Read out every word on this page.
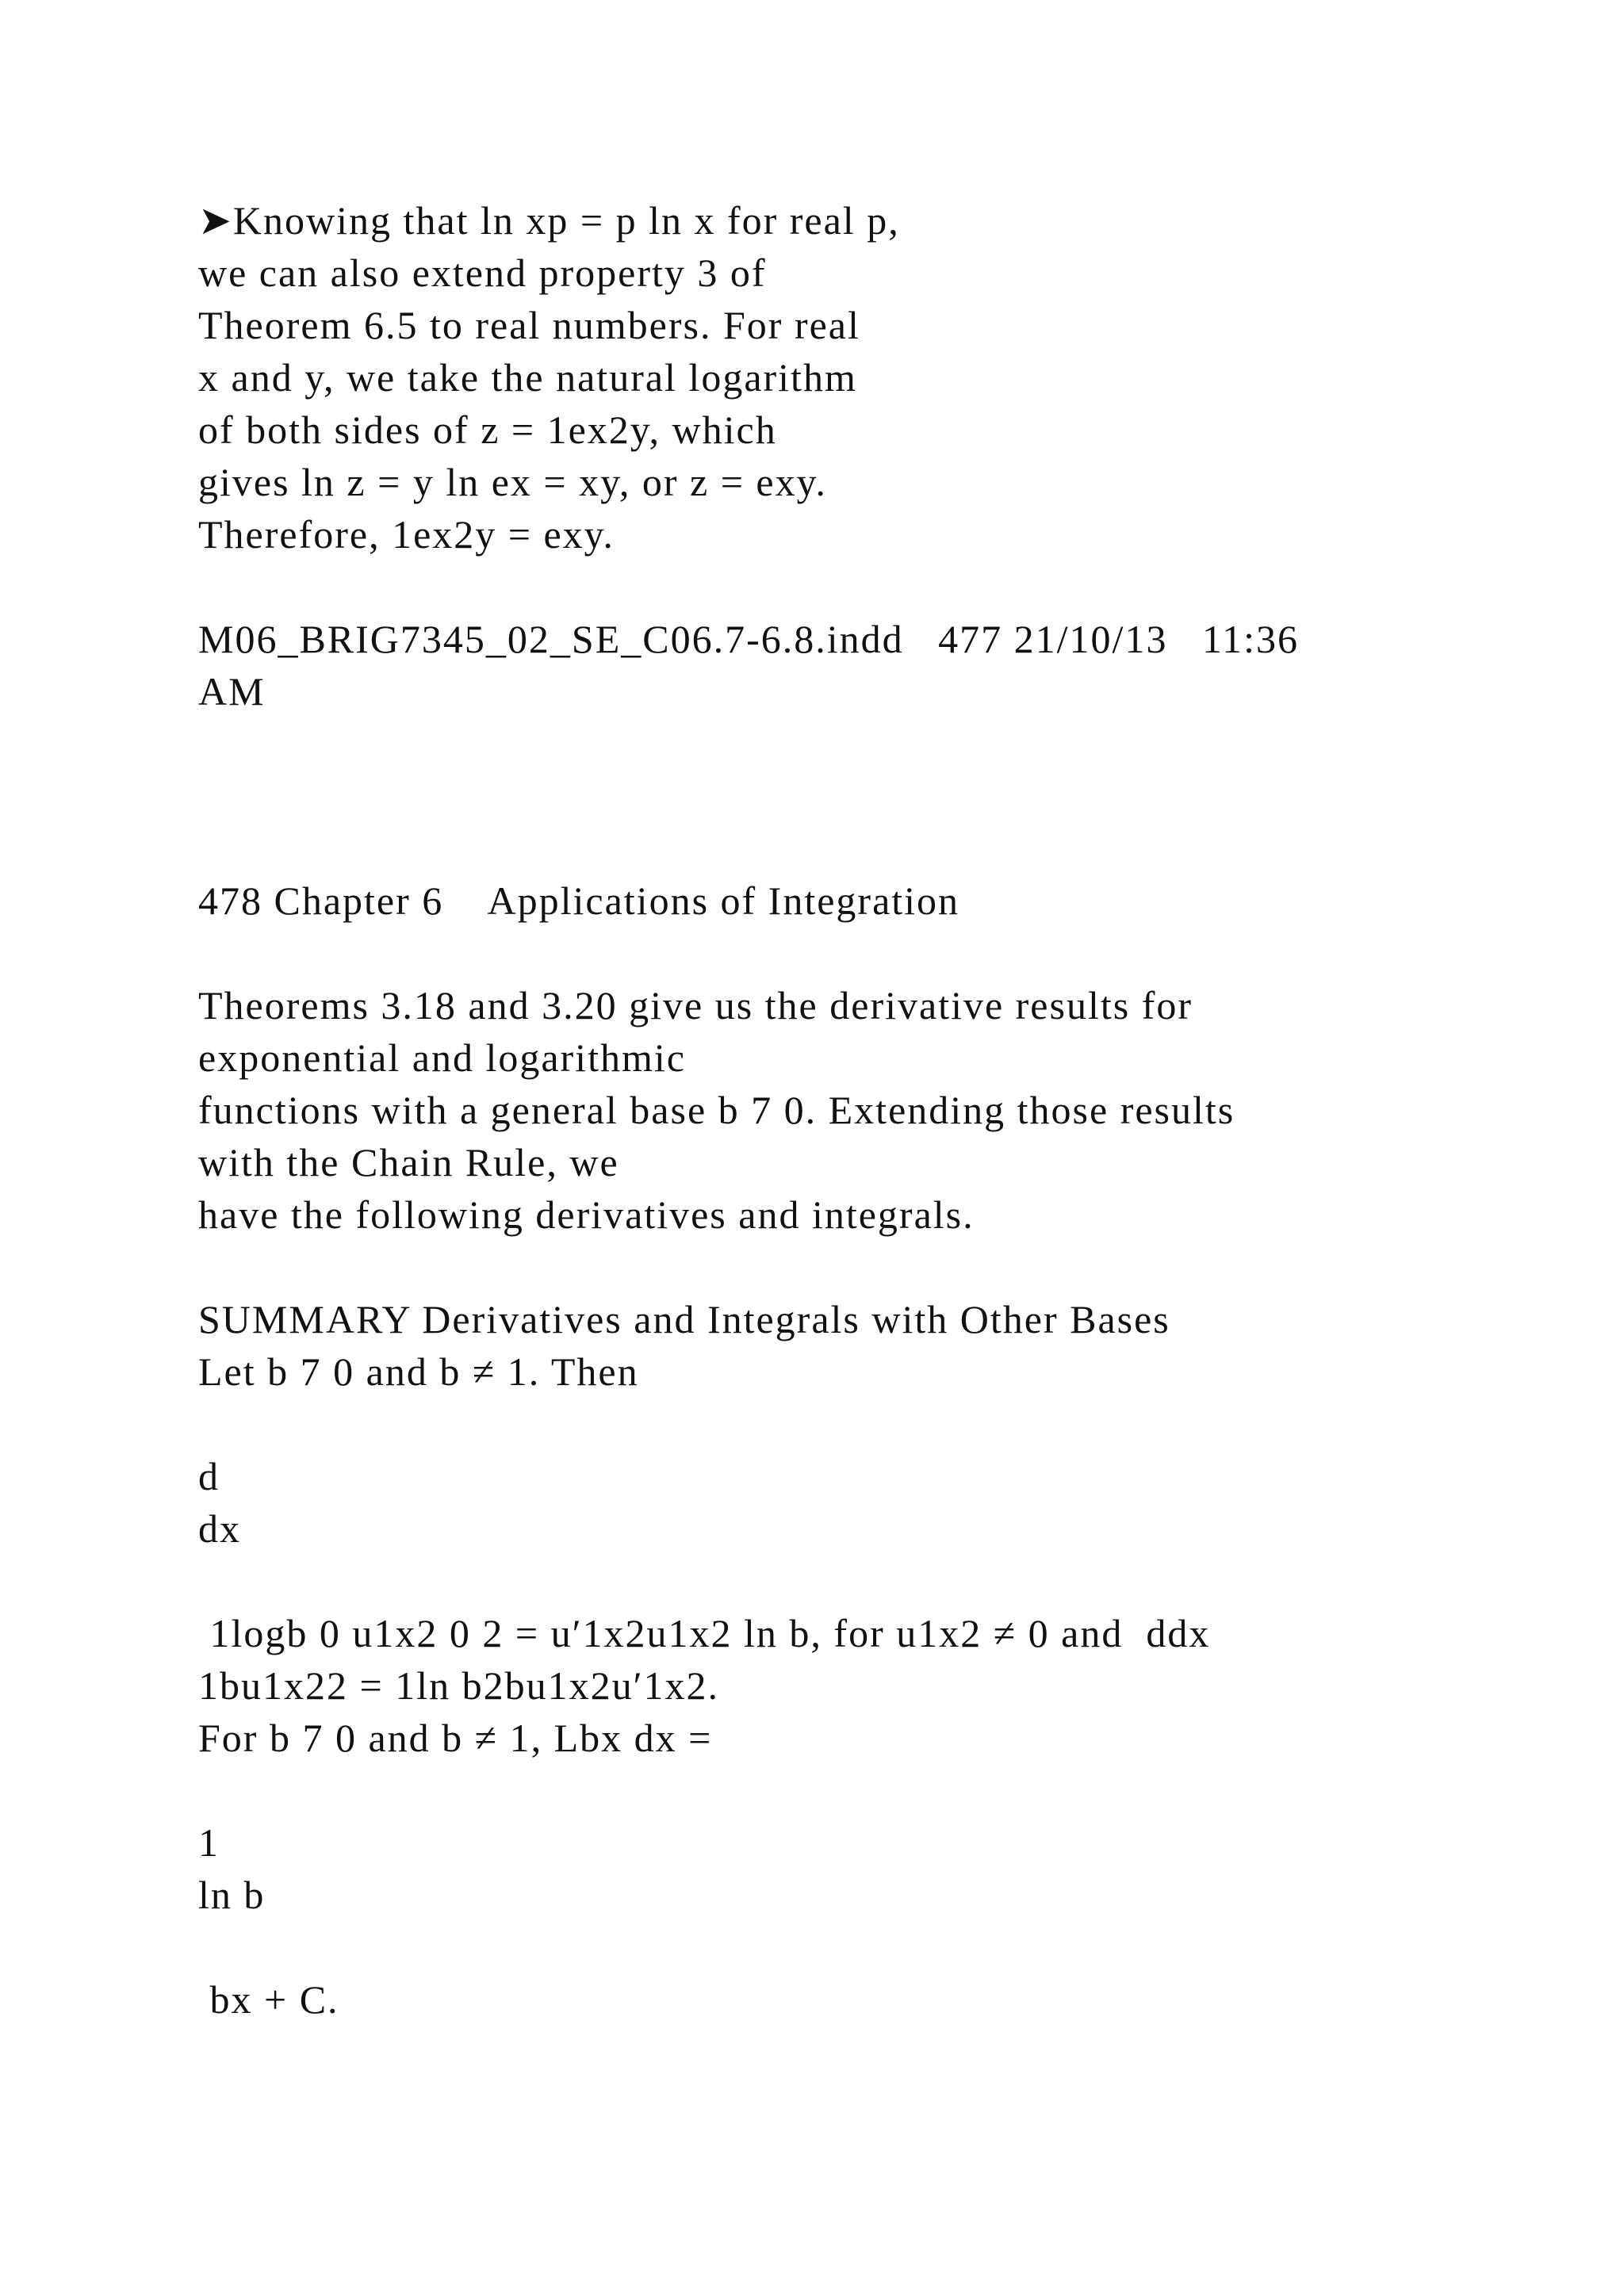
➤Knowing that ln xp = p ln x for real p,

we can also extend property 3 of

Theorem 6.5 to real numbers. For real

x and y, we take the natural logarithm

of both sides of z = 1ex2y, which

gives ln z = y ln ex = xy, or z = exy.

Therefore, 1ex2y = exy.

M06_BRIG7345_02_SE_C06.7-6.8.indd   477 21/10/13   11:36

AM

478 Chapter 6    Applications of Integration

Theorems 3.18 and 3.20 give us the derivative results for

exponential and logarithmic

functions with a general base b 7 0. Extending those results

with the Chain Rule, we

have the following derivatives and integrals.

SUMMARY Derivatives and Integrals with Other Bases

Let b 7 0 and b ≠ 1. Then

d

dx

1logb 0 u1x2 0 2 = u′1x2u1x2 ln b, for u1x2 ≠ 0 and  ddx

1bu1x22 = 1ln b2bu1x2u′1x2.

For b 7 0 and b ≠ 1, Lbx dx =

1

ln b

bx + C.
